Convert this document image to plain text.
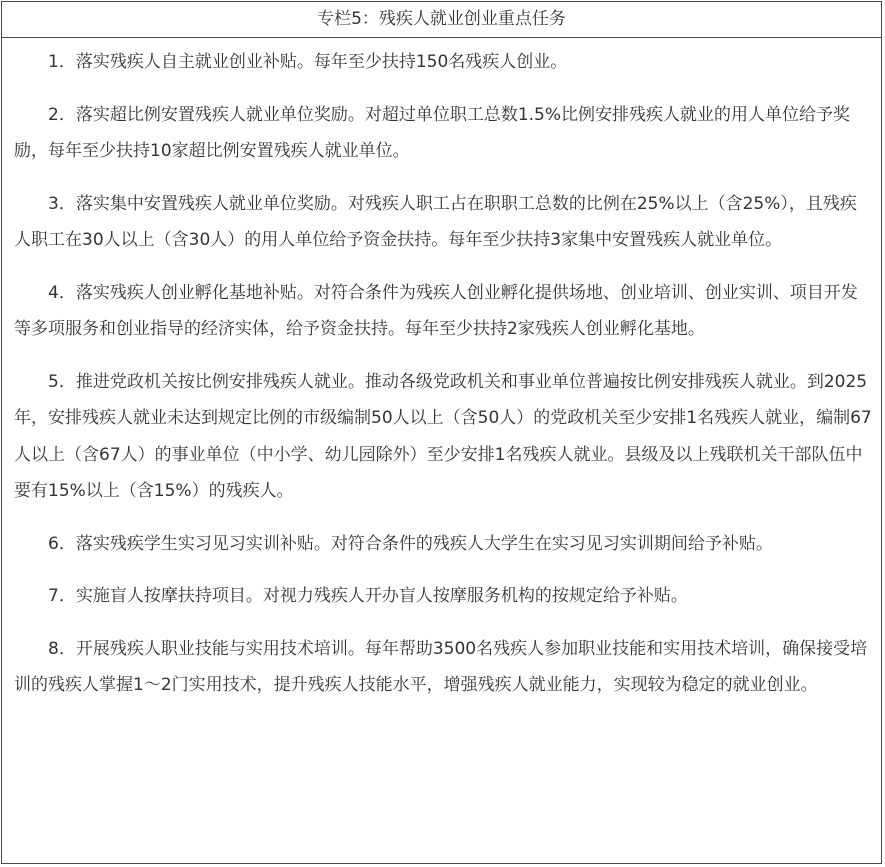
专栏5：残疾人就业创业重点任务

1．落实残疾人自主就业创业补贴。每年至少扶持150名残疾人创业。

2．落实超比例安置残疾人就业单位奖励。对超过单位职工总数1.5%比例安排残疾人就业的用人单位给予奖励，每年至少扶持10家超比例安置残疾人就业单位。

3．落实集中安置残疾人就业单位奖励。对残疾人职工占在职职工总数的比例在25%以上（含25%），且残疾人职工在30人以上（含30人）的用人单位给予资金扶持。每年至少扶持3家集中安置残疾人就业单位。

4．落实残疾人创业孵化基地补贴。对符合条件为残疾人创业孵化提供场地、创业培训、创业实训、项目开发等多项服务和创业指导的经济实体，给予资金扶持。每年至少扶持2家残疾人创业孵化基地。

5．推进党政机关按比例安排残疾人就业。推动各级党政机关和事业单位普遍按比例安排残疾人就业。到2025年，安排残疾人就业未达到规定比例的市级编制50人以上（含50人）的党政机关至少安排1名残疾人就业，编制67人以上（含67人）的事业单位（中小学、幼儿园除外）至少安排1名残疾人就业。县级及以上残联机关干部队伍中要有15%以上（含15%）的残疾人。

6．落实残疾学生实习见习实训补贴。对符合条件的残疾人大学生在实习见习实训期间给予补贴。

7．实施盲人按摩扶持项目。对视力残疾人开办盲人按摩服务机构的按规定给予补贴。

8．开展残疾人职业技能与实用技术培训。每年帮助3500名残疾人参加职业技能和实用技术培训，确保接受培训的残疾人掌握1～2门实用技术，提升残疾人技能水平，增强残疾人就业能力，实现较为稳定的就业创业。
